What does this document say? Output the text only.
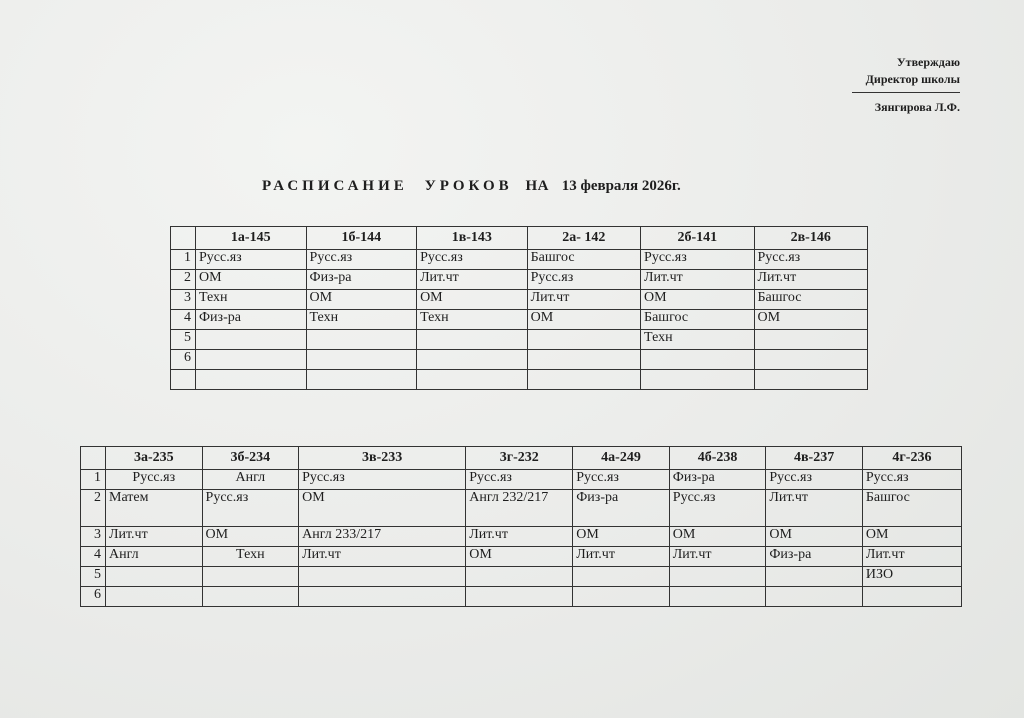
Утверждаю
Директор школы
Зянгирова Л.Ф.
РАСПИСАНИЕ УРОКОВ НА 13 февраля 2026г.
	1а-145	1б-144	1в-143	2а- 142	2б-141	2в-146
1	Русс.яз	Русс.яз	Русс.яз	Башгос	Русс.яз	Русс.яз
2	ОМ	Физ-ра	Лит.чт	Русс.яз	Лит.чт	Лит.чт
3	Техн	ОМ	ОМ	Лит.чт	ОМ	Башгос
4	Физ-ра	Техн	Техн	ОМ	Башгос	ОМ
5					Техн	
6						

	3а-235	3б-234	3в-233	3г-232	4а-249	4б-238	4в-237	4г-236
1	Русс.яз	Англ	Русс.яз	Русс.яз	Русс.яз	Физ-ра	Русс.яз	Русс.яз
2	Матем	Русс.яз	ОМ	Англ 232/217	Физ-ра	Русс.яз	Лит.чт	Башгос
3	Лит.чт	ОМ	Англ 233/217	Лит.чт	ОМ	ОМ	ОМ	ОМ
4	Англ	Техн	Лит.чт	ОМ	Лит.чт	Лит.чт	Физ-ра	Лит.чт
5								ИЗО
6								
